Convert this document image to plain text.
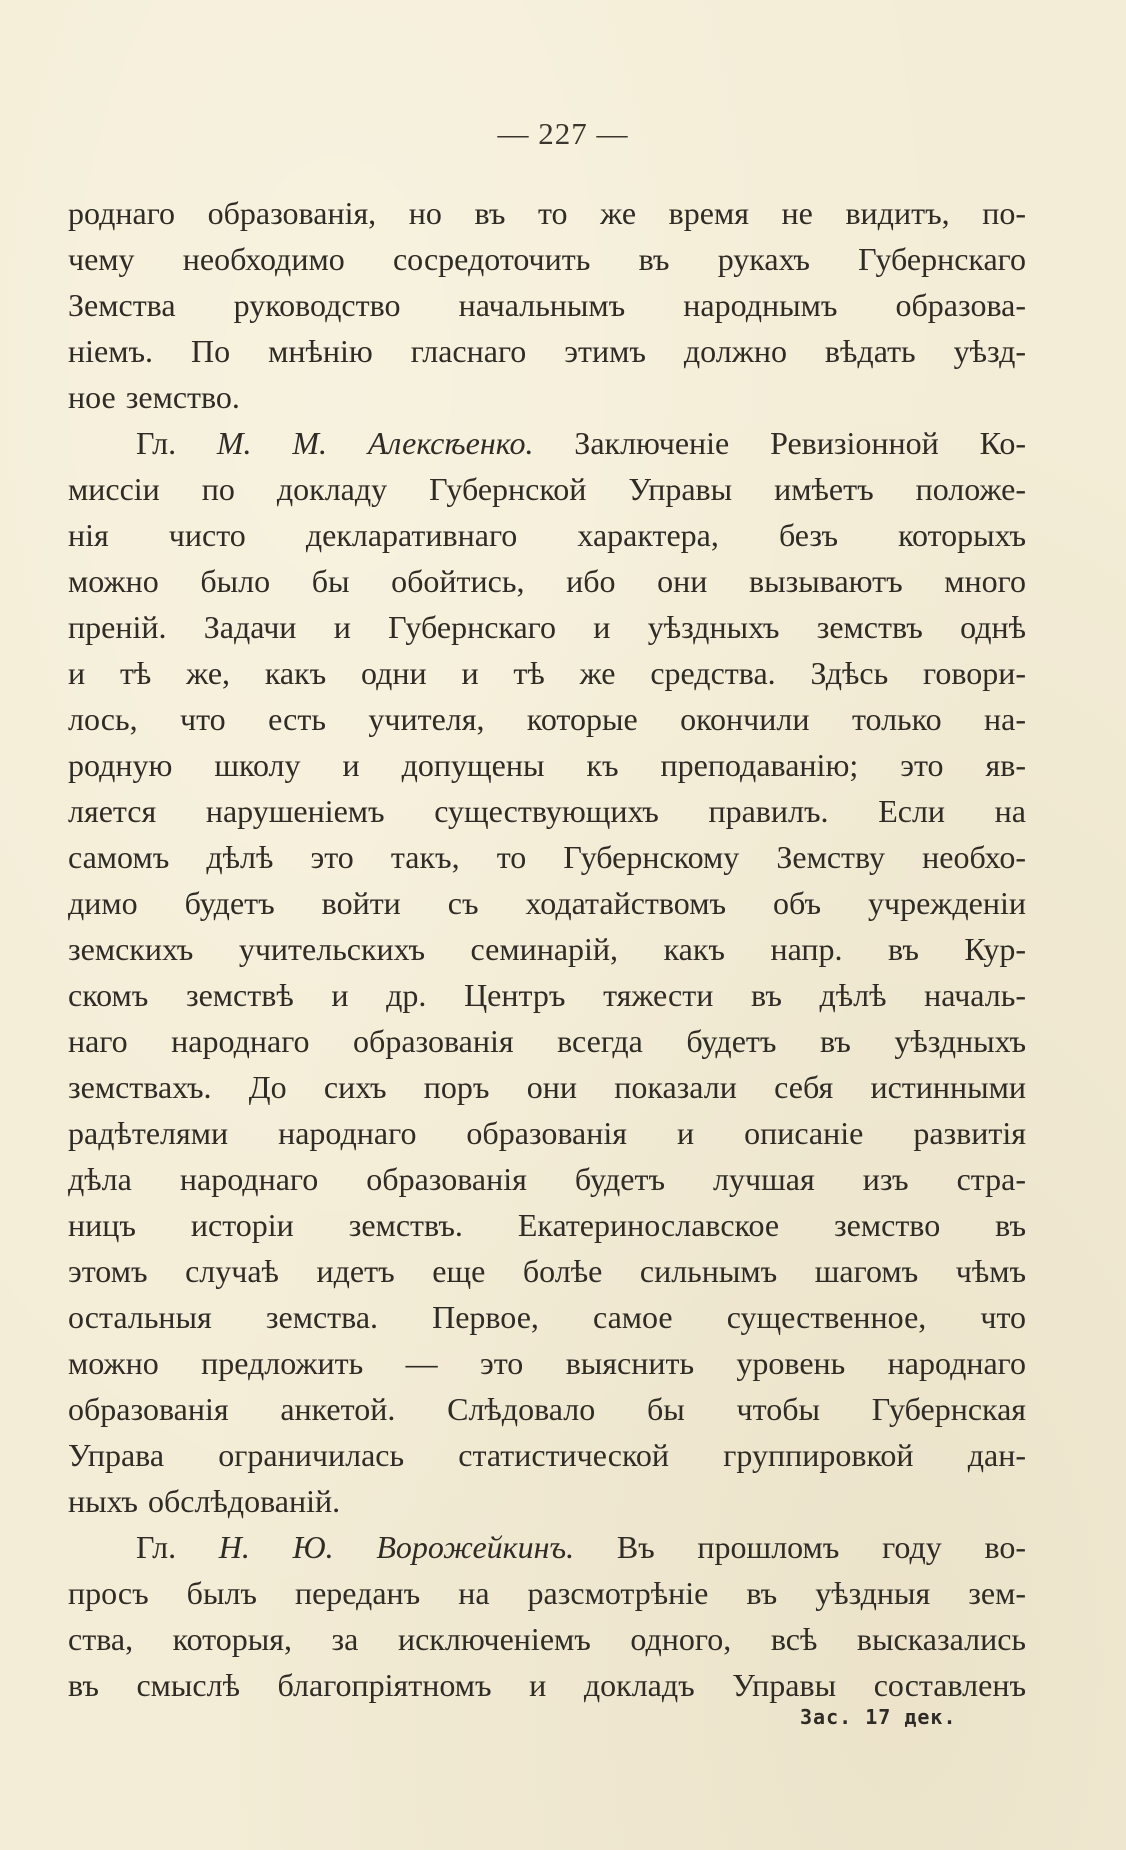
— 227 —
роднаго образованія, но въ то же время не видитъ, по-
чему необходимо сосредоточить въ рукахъ Губернскаго
Земства руководство начальнымъ народнымъ образова-
ніемъ. По мнѣнію гласнаго этимъ должно вѣдать уѣзд-
ное земство.
Гл. М. М. Алексѣенко. Заключеніе Ревизіонной Ко-
миссіи по докладу Губернской Управы имѣетъ положе-
нія чисто декларативнаго характера, безъ которыхъ
можно было бы обойтись, ибо они вызываютъ много
преній. Задачи и Губернскаго и уѣздныхъ земствъ однѣ
и тѣ же, какъ одни и тѣ же средства. Здѣсь говори-
лось, что есть учителя, которые окончили только на-
родную школу и допущены къ преподаванію; это яв-
ляется нарушеніемъ существующихъ правилъ. Если на
самомъ дѣлѣ это такъ, то Губернскому Земству необхо-
димо будетъ войти съ ходатайствомъ объ учрежденіи
земскихъ учительскихъ семинарій, какъ напр. въ Кур-
скомъ земствѣ и др. Центръ тяжести въ дѣлѣ началь-
наго народнаго образованія всегда будетъ въ уѣздныхъ
земствахъ. До сихъ поръ они показали себя истинными
радѣтелями народнаго образованія и описаніе развитія
дѣла народнаго образованія будетъ лучшая изъ стра-
ницъ исторіи земствъ. Екатеринославское земство въ
этомъ случаѣ идетъ еще болѣе сильнымъ шагомъ чѣмъ
остальныя земства. Первое, самое существенное, что
можно предложить — это выяснить уровень народнаго
образованія анкетой. Слѣдовало бы чтобы Губернская
Управа ограничилась статистической группировкой дан-
ныхъ обслѣдованій.
Гл. Н. Ю. Ворожейкинъ. Въ прошломъ году во-
просъ былъ переданъ на разсмотрѣніе въ уѣздныя зем-
ства, которыя, за исключеніемъ одного, всѣ высказались
въ смыслѣ благопріятномъ и докладъ Управы составленъ
Зас. 17 дек.
